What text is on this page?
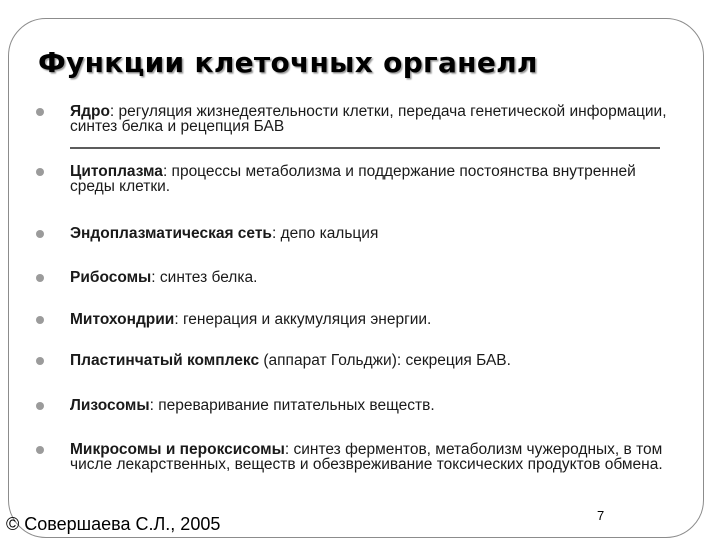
Функции клеточных органелл
Ядро: регуляция жизнедеятельности клетки, передача генетической информации, синтез белка и рецепция БАВ
Цитоплазма: процессы метаболизма и поддержание постоянства внутренней среды клетки.
Эндоплазматическая сеть: депо кальция
Рибосомы: синтез белка.
Митохондрии: генерация и аккумуляция энергии.
Пластинчатый комплекс (аппарат Гольджи): секреция БАВ.
Лизосомы: переваривание питательных веществ.
Микросомы и пероксисомы: синтез ферментов, метаболизм чужеродных, в том числе лекарственных, веществ и обезвреживание токсических продуктов обмена.
© Совершаева С.Л., 2005	7
